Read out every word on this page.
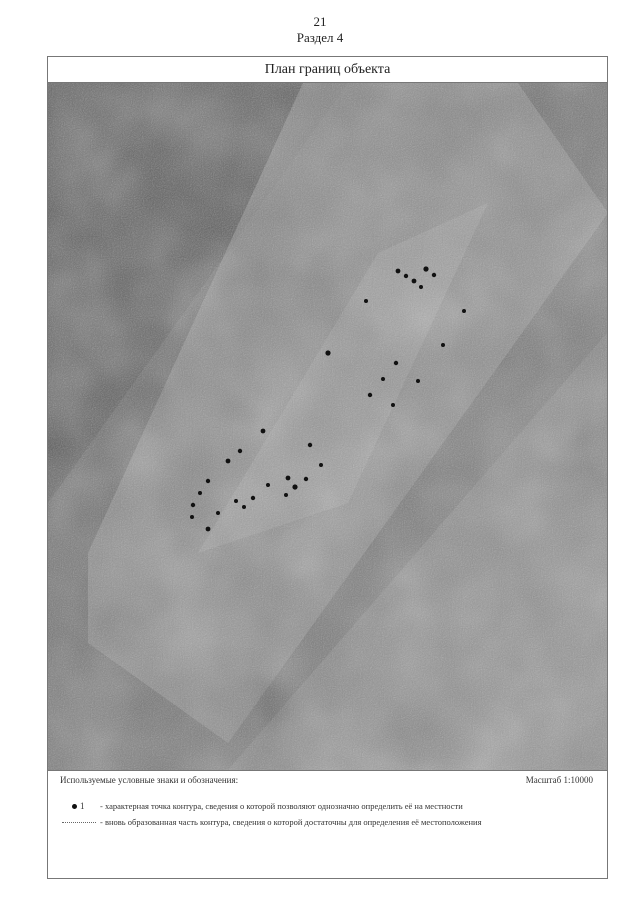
21
Раздел 4
План границ объекта
Используемые условные знаки и обозначения:	Масштаб 1:10000
1 - характерная точка контура, сведения о которой позволяют однозначно определить её на местности
- вновь образованная часть контура, сведения о которой достаточны для определения её местоположения
